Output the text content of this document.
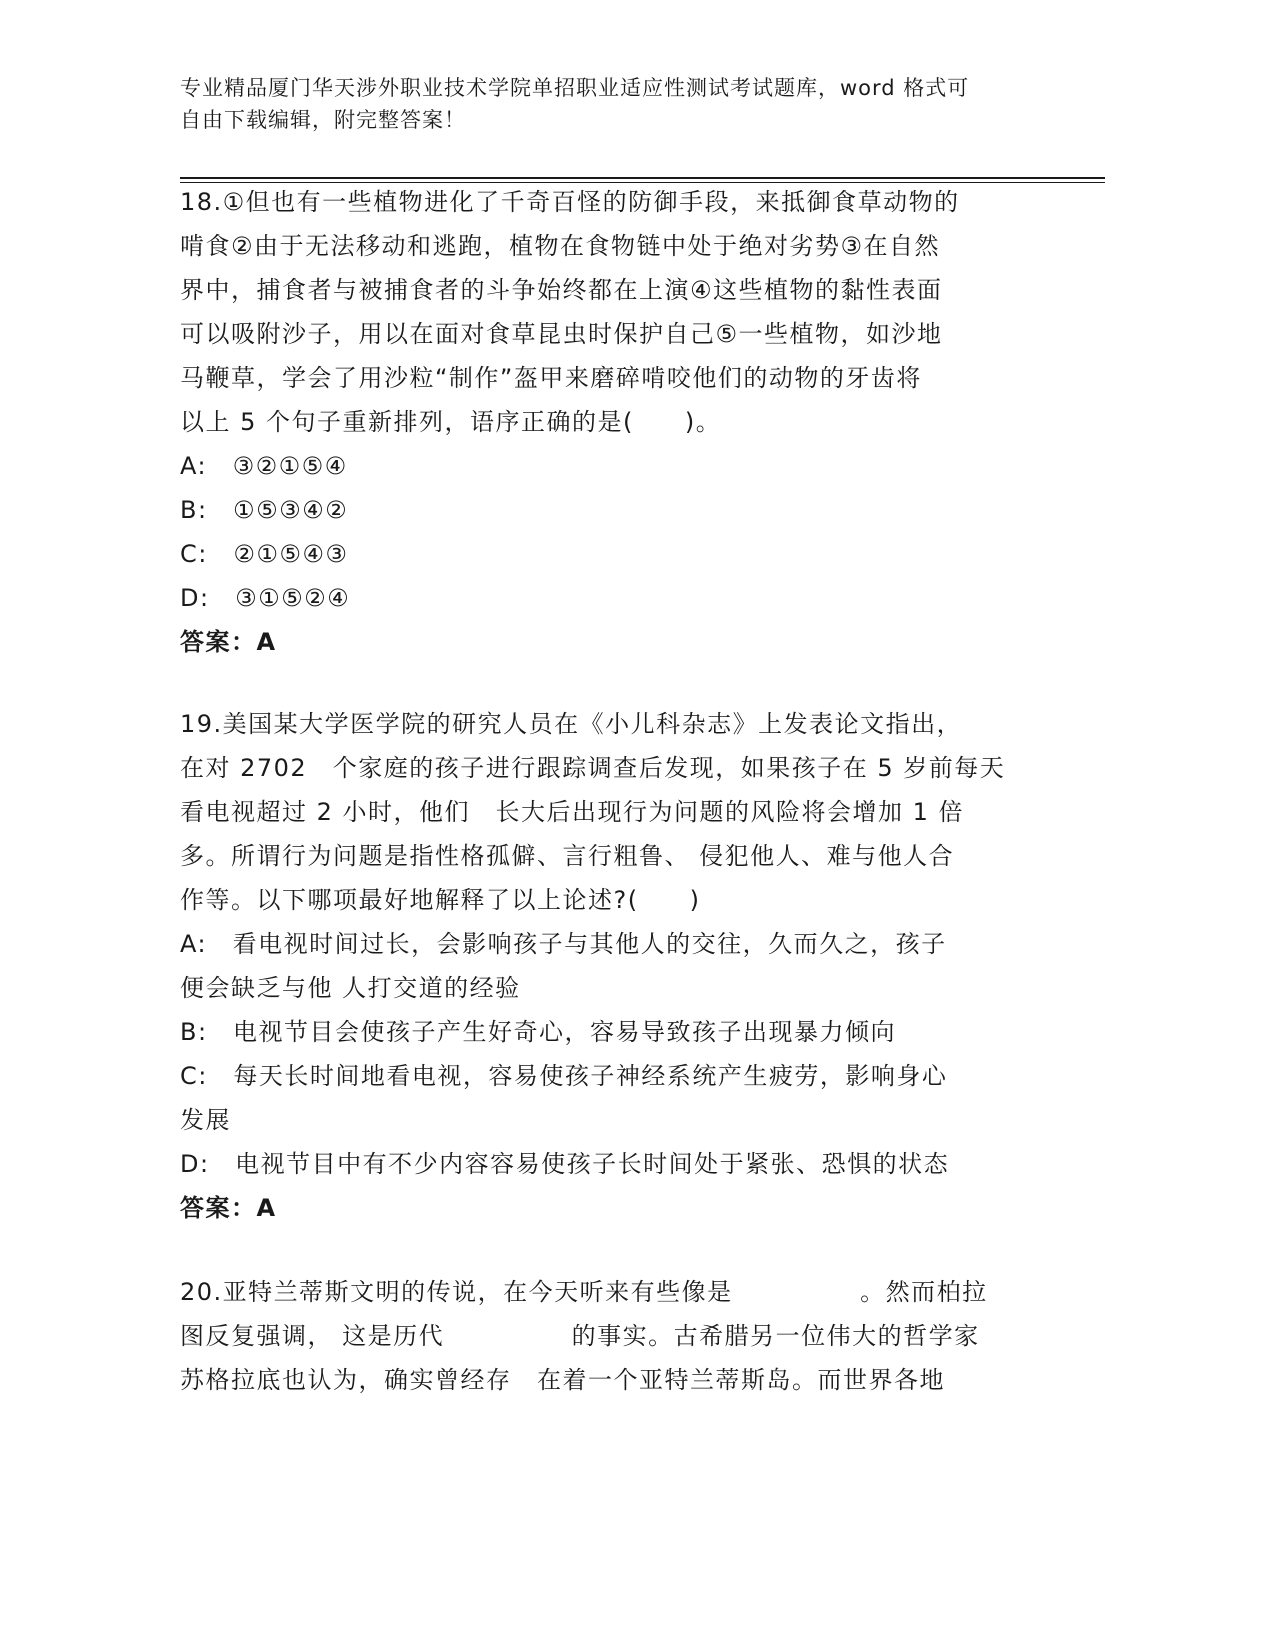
专业精品厦门华天涉外职业技术学院单招职业适应性测试考试题库，word 格式可
自由下载编辑，附完整答案！
18.①但也有一些植物进化了千奇百怪的防御手段，来抵御食草动物的
啃食②由于无法移动和逃跑，植物在食物链中处于绝对劣势③在自然
界中，捕食者与被捕食者的斗争始终都在上演④这些植物的黏性表面
可以吸附沙子，用以在面对食草昆虫时保护自己⑤一些植物，如沙地
马鞭草，学会了用沙粒“制作”盔甲来磨碎啃咬他们的动物的牙齿将
以上 5 个句子重新排列，语序正确的是(　　)。
A:　③②①⑤④
B:　①⑤③④②
C:　②①⑤④③
D:　③①⑤②④
答案：A
19.美国某大学医学院的研究人员在《小儿科杂志》上发表论文指出，
在对 2702　个家庭的孩子进行跟踪调查后发现，如果孩子在 5 岁前每天
看电视超过 2 小时，他们　长大后出现行为问题的风险将会增加 1 倍
多。所谓行为问题是指性格孤僻、言行粗鲁、 侵犯他人、难与他人合
作等。以下哪项最好地解释了以上论述?(　　)
A:　看电视时间过长，会影响孩子与其他人的交往，久而久之，孩子
便会缺乏与他 人打交道的经验
B:　电视节目会使孩子产生好奇心，容易导致孩子出现暴力倾向
C:　每天长时间地看电视，容易使孩子神经系统产生疲劳，影响身心
发展
D:　电视节目中有不少内容容易使孩子长时间处于紧张、恐惧的状态
答案：A
20.亚特兰蒂斯文明的传说，在今天听来有些像是　　　　　。然而柏拉
图反复强调， 这是历代　　　　　的事实。古希腊另一位伟大的哲学家
苏格拉底也认为，确实曾经存　在着一个亚特兰蒂斯岛。而世界各地
